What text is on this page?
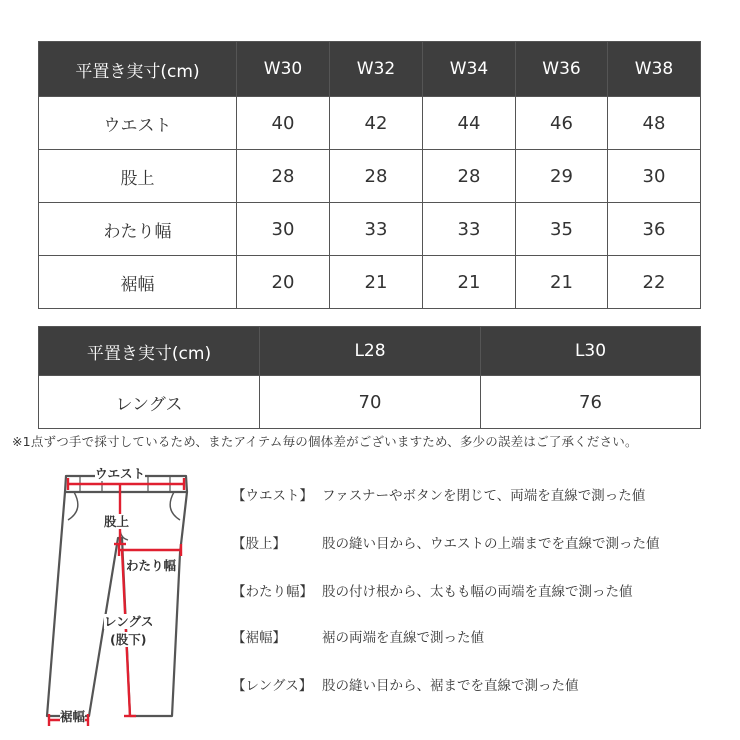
平置き実寸(cm)	W30	W32	W34	W36	W38
ウエスト	40	42	44	46	48
股上	28	28	28	29	30
わたり幅	30	33	33	35	36
裾幅	20	21	21	21	22
平置き実寸(cm)	L28	L30
レングス	70	76
※1点ずつ手で採寸しているため、またアイテム毎の個体差がございますため、多少の誤差はご了承ください。
ウエスト
股上
わたり幅
レングス
(股下)
裾幅
【ウエスト】 ファスナーやボタンを閉じて、両端を直線で測った値
【股上】	股の縫い目から、ウエストの上端までを直線で測った値
【わたり幅】 股の付け根から、太もも幅の両端を直線で測った値
【裾幅】	裾の両端を直線で測った値
【レングス】 股の縫い目から、裾までを直線で測った値
